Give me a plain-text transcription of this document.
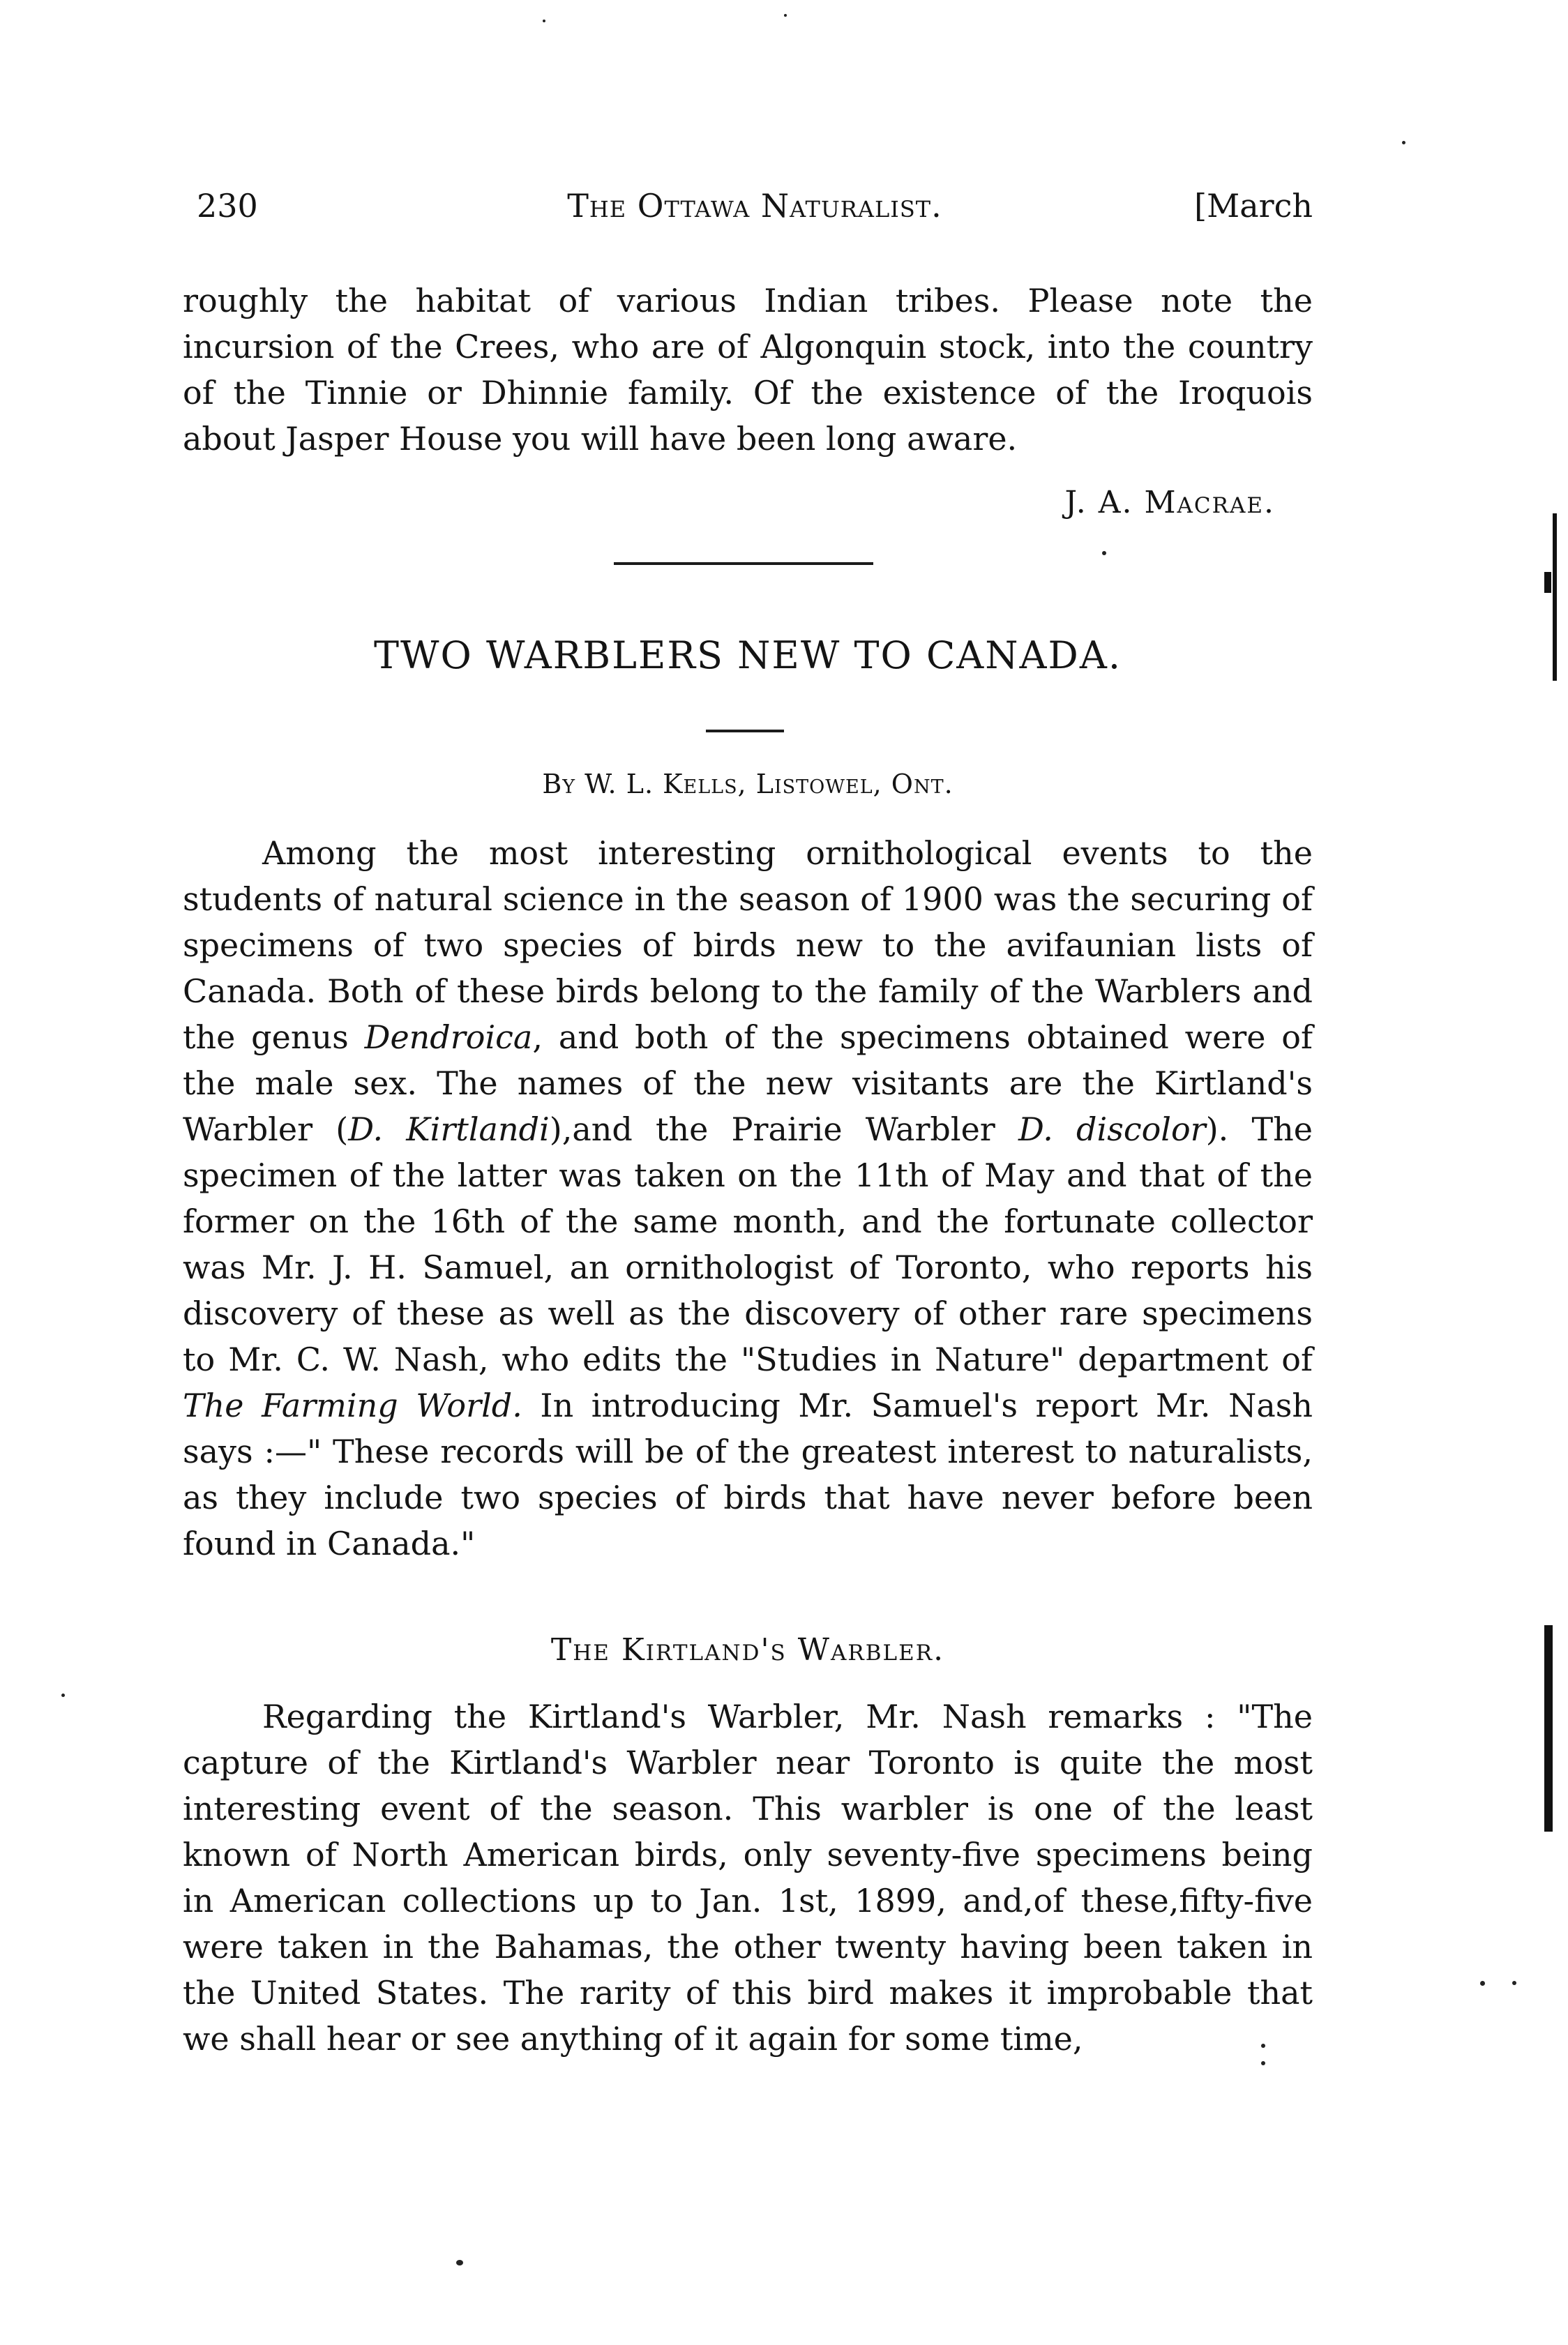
230	The Ottawa Naturalist.	[March

roughly the habitat of various Indian tribes. Please note the incursion of the Crees, who are of Algonquin stock, into the country of the Tinnie or Dhinnie family. Of the existence of the Iroquois about Jasper House you will have been long aware.

J. A. Macrae.
TWO WARBLERS NEW TO CANADA.
By W. L. Kells, Listowel, Ont.

Among the most interesting ornithological events to the students of natural science in the season of 1900 was the securing of specimens of two species of birds new to the avifaunian lists of Canada. Both of these birds belong to the family of the Warblers and the genus Dendroica, and both of the specimens obtained were of the male sex. The names of the new visitants are the Kirtland's Warbler (D. Kirtlandi),and the Prairie Warbler D. discolor). The specimen of the latter was taken on the 11th of May and that of the former on the 16th of the same month, and the fortunate collector was Mr. J. H. Samuel, an ornithologist of Toronto, who reports his discovery of these as well as the discovery of other rare specimens to Mr. C. W. Nash, who edits the "Studies in Nature" department of The Farming World. In introducing Mr. Samuel's report Mr. Nash says :—" These records will be of the greatest interest to naturalists, as they include two species of birds that have never before been found in Canada."

The Kirtland's Warbler.

Regarding the Kirtland's Warbler, Mr. Nash remarks : "The capture of the Kirtland's Warbler near Toronto is quite the most interesting event of the season. This warbler is one of the least known of North American birds, only seventy-five specimens being in American collections up to Jan. 1st, 1899, and,of these,fifty-five were taken in the Bahamas, the other twenty having been taken in the United States. The rarity of this bird makes it improbable that we shall hear or see anything of it again for some time,
